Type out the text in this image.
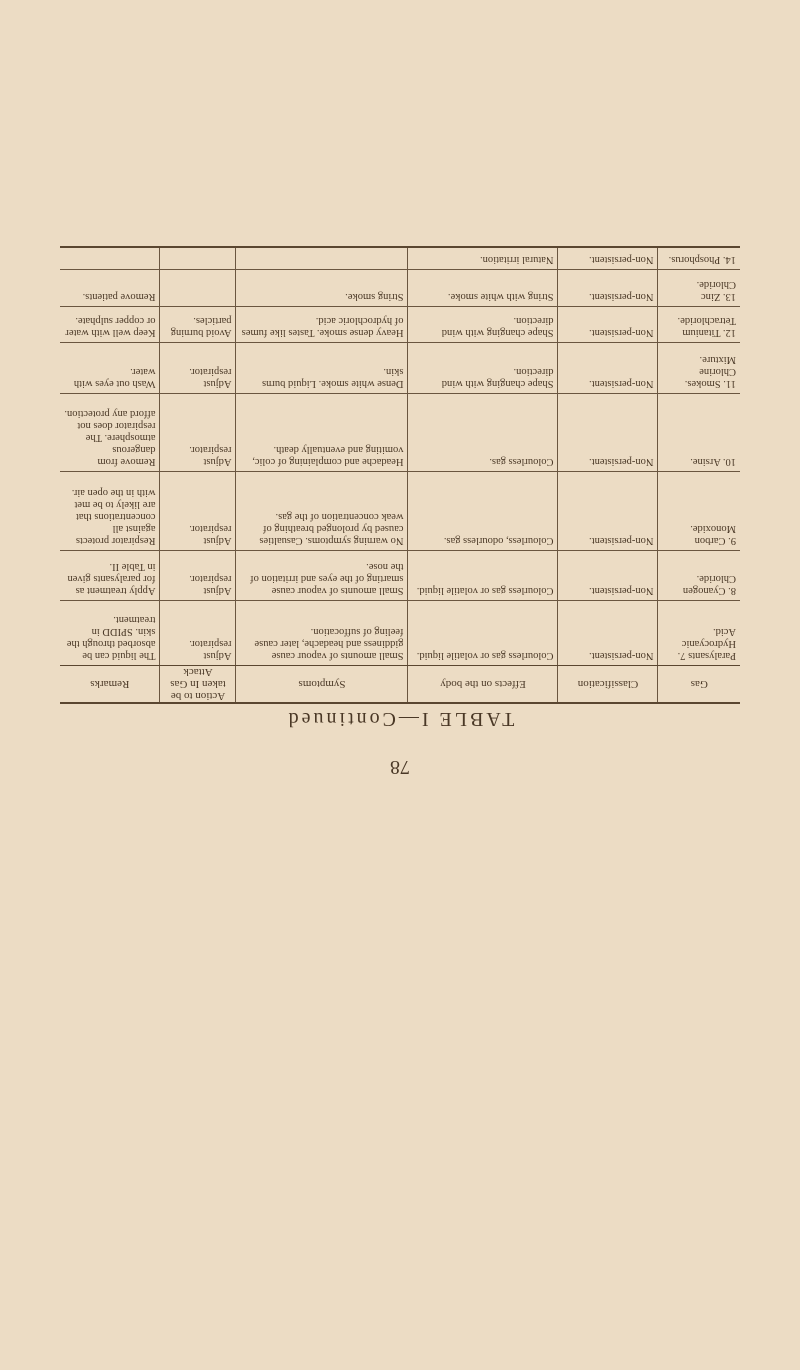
78
TABLE I—Continued
Gas	Classification	Effects on the body	Symptoms	Action to be taken In Gas Attack	Remarks
Paralysants 7. Hydrocyanic Acid.	Non-persistent.	Colourless gas or volatile liquid.	Small amounts of vapour cause giddiness and headache, later cause feeling of suffocation.	Adjust respirator.	The liquid can be absorbed through the skin. SPIDD in treatment.
8. Cyanogen Chloride.	Non-persistent.	Colourless gas or volatile liquid.	Small amounts of vapour cause smarting of the eyes and irritation of the nose.	Adjust respirator.	Apply treatment as for paralysants given in Table II.
9. Carbon Monoxide.	Non-persistent.	Colourless, odourless gas.	No warning symptoms. Casualties caused by prolonged breathing of weak concentration of the gas.	Adjust respirator.	Respirator protects against all concentrations that are likely to be met with in the open air.
10. Arsine.	Non-persistent.	Colourless gas.	Headache and complaining of colic, vomiting and eventually death.	Adjust respirator.	Remove from dangerous atmosphere. The respirator does not afford any protection.
11. Smokes. Chlorine Mixture.	Non-persistent.	Shape changing with wind direction.	Dense white smoke. Liquid burns skin.	Adjust respirator.	Wash out eyes with water.
12. Titanium Tetrachloride.	Non-persistent.	Shape changing with wind direction.	Heavy dense smoke. Tastes like fumes of hydrochloric acid.	Avoid burning particles.	Keep well with water or copper sulphate.
13. Zinc Chloride.	Non-persistent.	String with white smoke.	String smoke.		Remove patients.
14. Phosphorus.	Non-persistent.	Natural irritation.			
